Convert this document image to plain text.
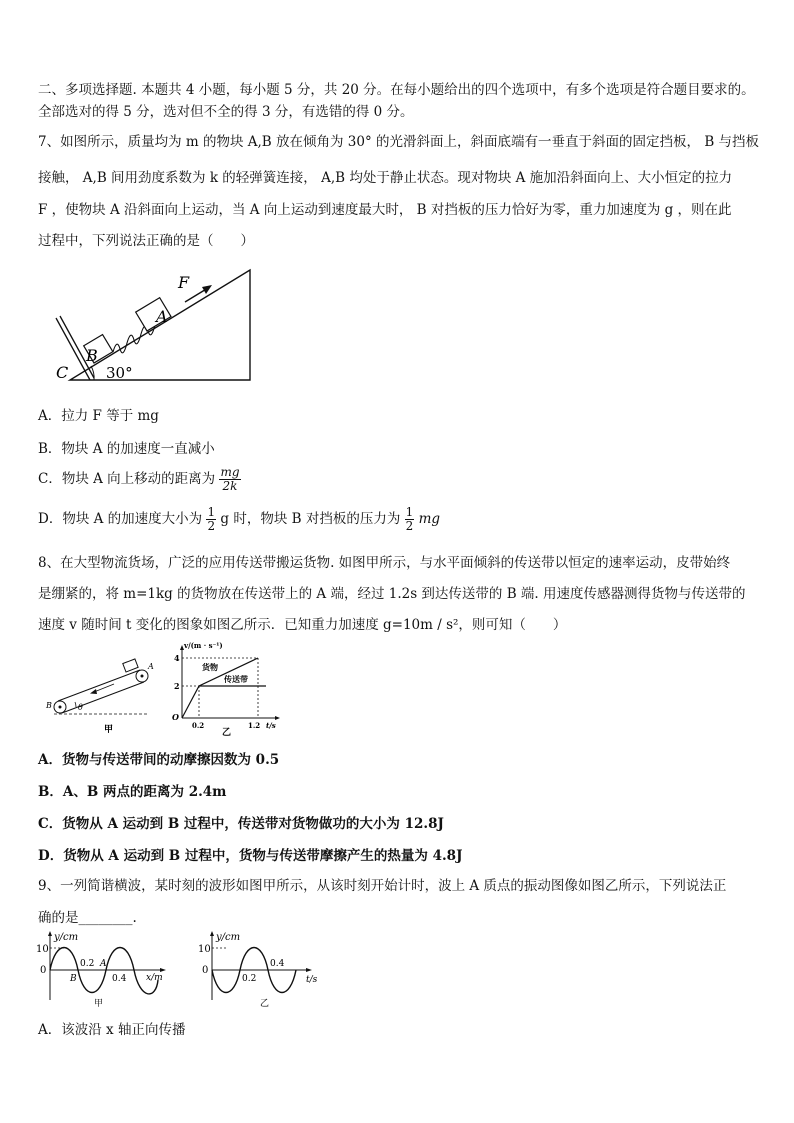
二、多项选择题. 本题共 4 小题，每小题 5 分，共 20 分。在每小题给出的四个选项中，有多个选项是符合题目要求的。
全部选对的得 5 分，选对但不全的得 3 分，有选错的得 0 分。
7、如图所示，质量均为 m 的物块 A,B 放在倾角为 30° 的光滑斜面上，斜面底端有一垂直于斜面的固定挡板， B 与挡板
接触， A,B 间用劲度系数为 k 的轻弹簧连接， A,B 均处于静止状态。现对物块 A 施加沿斜面向上、大小恒定的拉力
F ，使物块 A 沿斜面向上运动，当 A 向上运动到速度最大时， B 对挡板的压力恰好为零，重力加速度为 g ，则在此
过程中，下列说法正确的是（　　）
F
A
B
C	30°
A．拉力 F 等于 mg
B．物块 A 的加速度一直减小
C．物块 A 向上移动的距离为 $\frac{mg}{2k}$
D．物块 A 的加速度大小为 $\frac{1}{2}$ g 时，物块 B 对挡板的压力为 $\frac{1}{2}$ mg
8、在大型物流货场，广泛的应用传送带搬运货物. 如图甲所示，与水平面倾斜的传送带以恒定的速率运动，皮带始终
是绷紧的，将 m=1kg 的货物放在传送带上的 A 端，经过 1.2s 到达传送带的 B 端. 用速度传感器测得货物与传送带的
速度 v 随时间 t 变化的图象如图乙所示．已知重力加速度 g=10m / s²，则可知（　　）
A
B	θ
甲
v/(m · s⁻¹)
t/s
4
2
O
0.2	1.2
货物
传送带
乙
A．货物与传送带间的动摩擦因数为 0.5
B．A、B 两点的距离为 2.4m
C．货物从 A 运动到 B 过程中，传送带对货物做功的大小为 12.8J
D．货物从 A 运动到 B 过程中，货物与传送带摩擦产生的热量为 4.8J
9、一列简谐横波，某时刻的波形如图甲所示，从该时刻开始计时，波上 A 质点的振动图像如图乙所示，下列说法正
确的是________.
y/cm
10
0
0.2 A
0.4
B	x/m
甲
y/cm
10
0
0.2
0.4
t/s
乙
A．该波沿 x 轴正向传播
